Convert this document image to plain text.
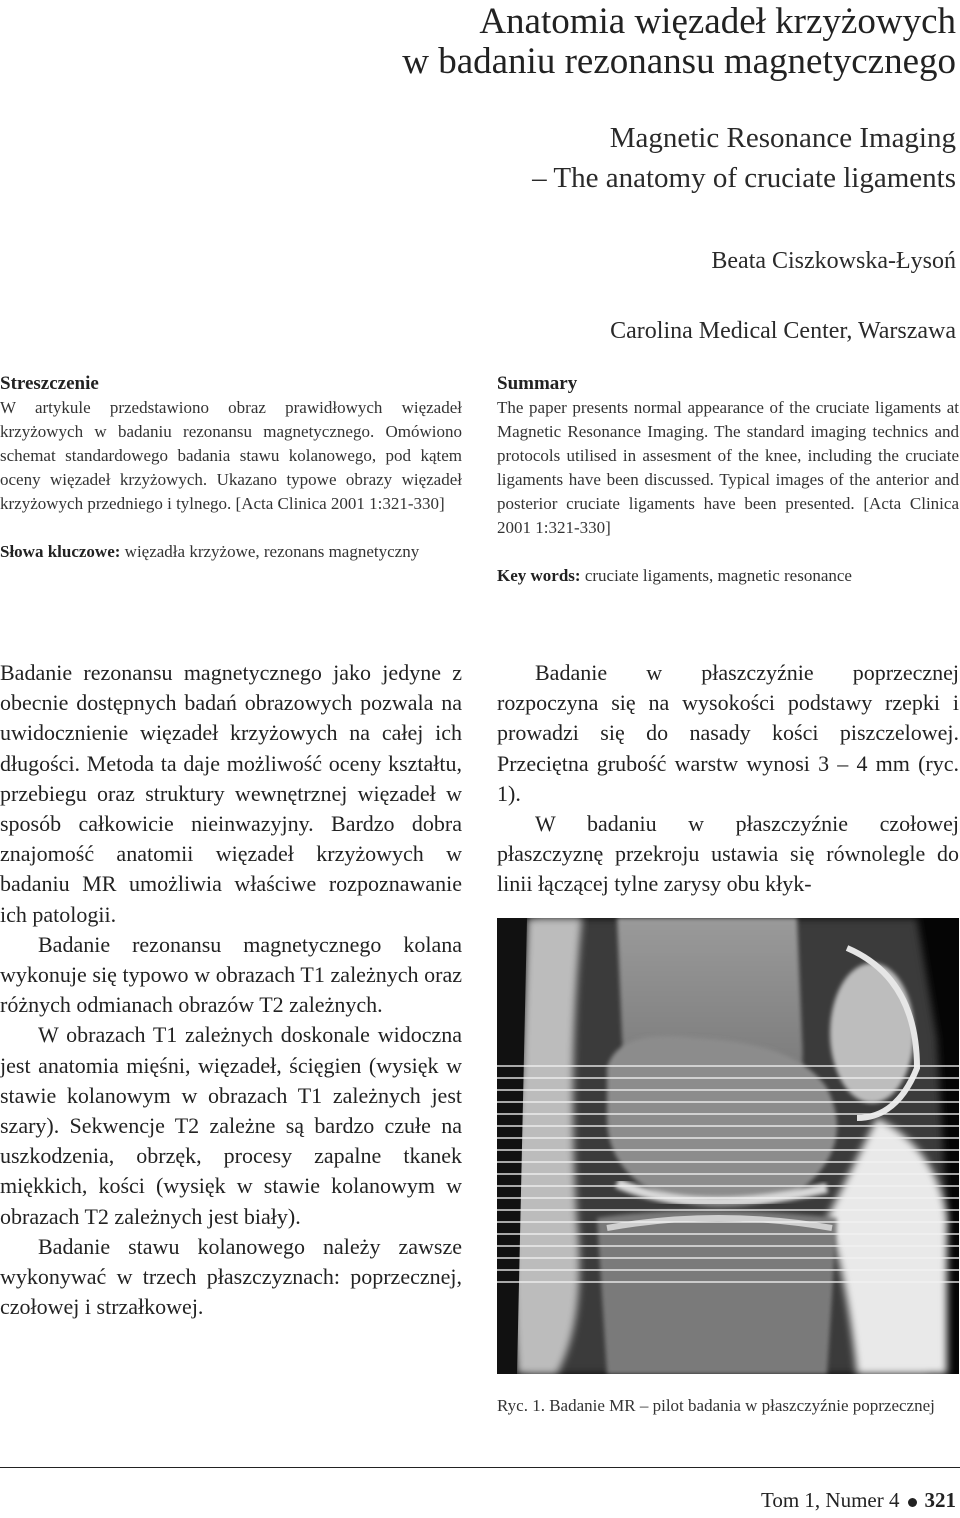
Anatomia więzadeł krzyżowych
w badaniu rezonansu magnetycznego
Magnetic Resonance Imaging
– The anatomy of cruciate ligaments
Beata Ciszkowska-Łysoń
Carolina Medical Center, Warszawa
Streszczenie
W artykule przedstawiono obraz prawidłowych więzadeł krzyżowych w badaniu rezonansu magnetycznego. Omówiono schemat standardowego badania stawu kolanowego, pod kątem oceny więzadeł krzyżowych. Ukazano typowe obrazy więzadeł krzyżowych przedniego i tylnego. [Acta Clinica 2001 1:321-330]
Słowa kluczowe: więzadła krzyżowe, rezonans magnetyczny
Summary
The paper presents normal appearance of the cruciate ligaments at Magnetic Resonance Imaging. The standard imaging technics and protocols utilised in assesment of the knee, including the cruciate ligaments have been discussed. Typical images of the anterior and posterior cruciate ligaments have been presented. [Acta Clinica 2001 1:321-330]
Key words: cruciate ligaments, magnetic resonance

Badanie rezonansu magnetycznego jako jedyne z obecnie dostępnych badań obrazowych pozwala na uwidocznienie więzadeł krzyżowych na całej ich długości. Metoda ta daje możliwość oceny kształtu, przebiegu oraz struktury wewnętrznej więzadeł w sposób całkowicie nieinwazyjny. Bardzo dobra znajomość anatomii więzadeł krzyżowych w badaniu MR umożliwia właściwe rozpoznawanie ich patologii.

Badanie rezonansu magnetycznego kolana wykonuje się typowo w obrazach T1 zależnych oraz różnych odmianach obrazów T2 zależnych.

W obrazach T1 zależnych doskonale widoczna jest anatomia mięśni, więzadeł, ścięgien (wysięk w stawie kolanowym w obrazach T1 zależnych jest szary). Sekwencje T2 zależne są bardzo czułe na uszkodzenia, obrzęk, procesy zapalne tkanek miękkich, kości (wysięk w stawie kolanowym w obrazach T2 zależnych jest biały).

Badanie stawu kolanowego należy zawsze wykonywać w trzech płaszczyznach: poprzecznej, czołowej i strzałkowej.

Badanie w płaszczyźnie poprzecznej rozpoczyna się na wysokości podstawy rzepki i prowadzi się do nasady kości piszczelowej. Przeciętna grubość warstw wynosi 3 – 4 mm (ryc. 1).

W badaniu w płaszczyźnie czołowej płaszczyznę przekroju ustawia się równolegle do linii łączącej tylne zarysy obu kłyk-

Ryc. 1. Badanie MR – pilot badania w płaszczyźnie poprzecznej
Tom 1, Numer 4 321
